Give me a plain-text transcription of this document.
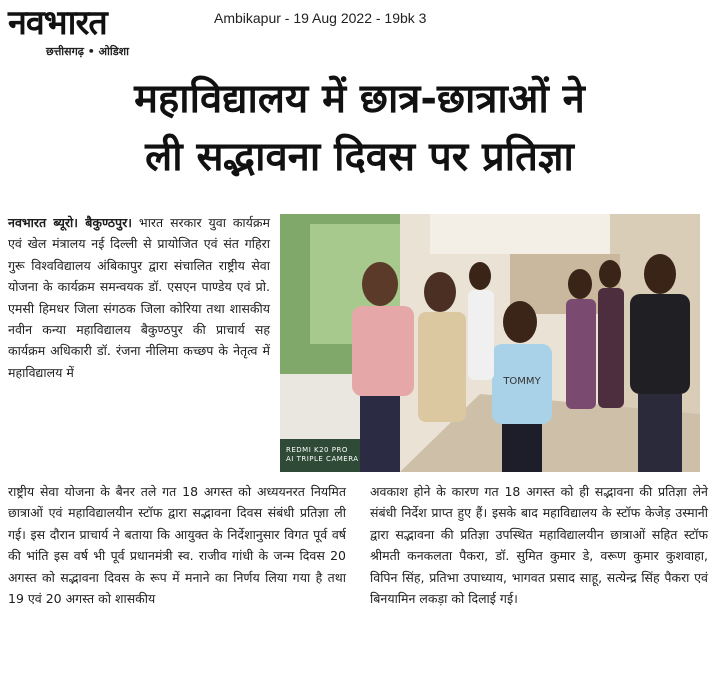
नवभारत
छत्तीसगढ़ • ओडिशा
Ambikapur - 19 Aug 2022 - 19bk 3
महाविद्यालय में छात्र-छात्राओं ने
ली सद्भावना दिवस पर प्रतिज्ञा
नवभारत ब्यूरो। बैकुण्ठपुर। भारत सरकार युवा कार्यक्रम एवं खेल मंत्रालय नई दिल्ली से प्रायोजित एवं संत गहिरा गुरू विश्वविद्यालय अंबिकापुर द्वारा संचालित राष्ट्रीय सेवा योजना के कार्यक्रम समन्वयक डॉ. एसएन पाण्डेय एवं प्रो. एमसी हिमधर जिला संगठक जिला कोरिया तथा शासकीय नवीन कन्या महाविद्यालय बैकुण्ठपुर की प्राचार्य सह कार्यक्रम अधिकारी डॉ. रंजना नीलिमा कच्छप के नेतृत्व में महाविद्यालय में
TOMMY
REDMI K20 PRO
AI TRIPLE CAMERA
राष्ट्रीय सेवा योजना के बैनर तले गत 18 अगस्त को अध्ययनरत नियमित छात्राओं एवं महाविद्यालयीन स्टॉफ द्वारा सद्भावना दिवस संबंधी प्रतिज्ञा ली गई। इस दौरान प्राचार्य ने बताया कि आयुक्त के निर्देशानुसार विगत पूर्व वर्ष की भांति इस वर्ष भी पूर्व प्रधानमंत्री स्व. राजीव गांधी के जन्म दिवस 20 अगस्त को सद्भावना दिवस के रूप में मनाने का निर्णय लिया गया है तथा 19 एवं 20 अगस्त को शासकीय
अवकाश होने के कारण गत 18 अगस्त को ही सद्भावना की प्रतिज्ञा लेने संबंधी निर्देश प्राप्त हुए हैं। इसके बाद महाविद्यालय के स्टॉफ केजेड़ उस्मानी द्वारा सद्भावना की प्रतिज्ञा उपस्थित महाविद्यालयीन छात्राओं सहित स्टॉफ श्रीमती कनकलता पैकरा, डॉ. सुमित कुमार डे, वरूण कुमार कुशवाहा, विपिन सिंह, प्रतिभा उपाध्याय, भागवत प्रसाद साहू, सत्येन्द्र सिंह पैकरा एवं बिनयामिन लकड़ा को दिलाई गई।
